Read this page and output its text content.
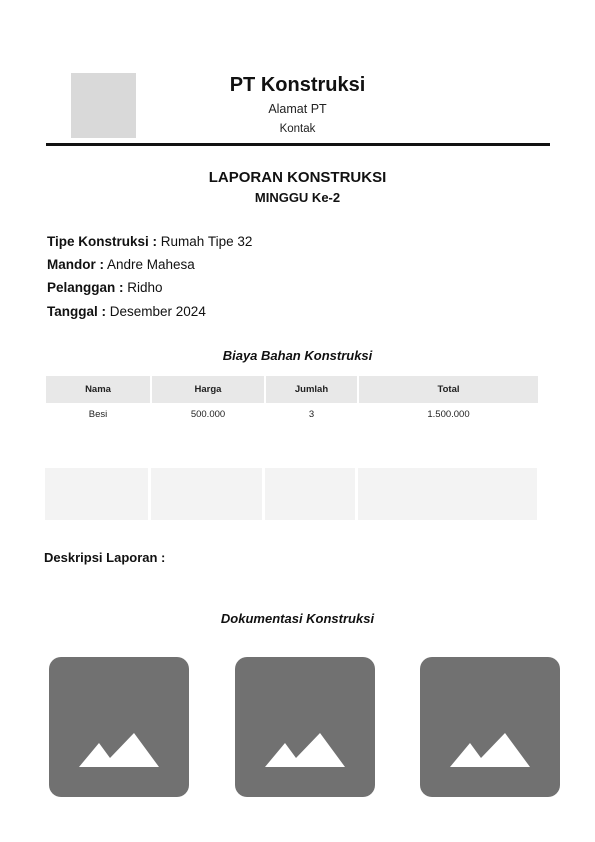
PT Konstruksi
Alamat PT
Kontak
LAPORAN KONSTRUKSI
MINGGU Ke-2
Tipe Konstruksi : Rumah Tipe 32
Mandor : Andre Mahesa
Pelanggan : Ridho
Tanggal : Desember 2024
Biaya Bahan Konstruksi
Nama	Harga	Jumlah	Total
Besi	500.000	3	1.500.000
Deskripsi Laporan :
Dokumentasi Konstruksi
